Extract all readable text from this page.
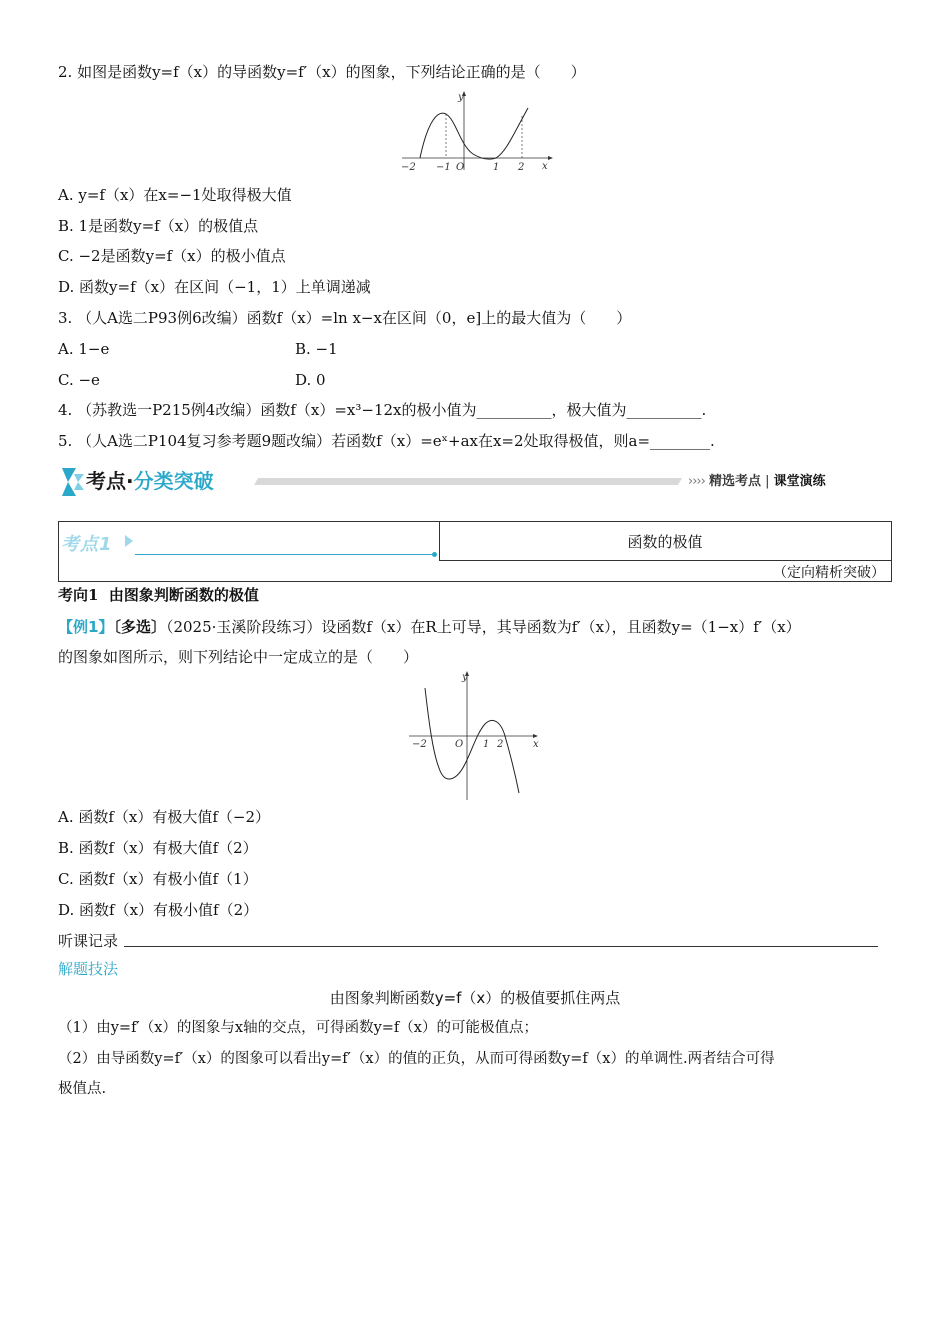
2. 如图是函数y=f（x）的导函数y=f′（x）的图象，下列结论正确的是（　　）
y
x
−2 −1 O	1 2
A. y=f（x）在x=−1处取得极大值
B. 1是函数y=f（x）的极值点
C. −2是函数y=f（x）的极小值点
D. 函数y=f（x）在区间（−1，1）上单调递减
3. （人A选二P93例6改编）函数f（x）=ln x−x在区间（0，e]上的最大值为（　　）
A. 1−e	B. −1
C. −e	D. 0
4. （苏教选一P215例4改编）函数f（x）=x³−12x的极小值为__________，极大值为__________.
5. （人A选二P104复习参考题9题改编）若函数f（x）=eˣ+ax在x=2处取得极值，则a=________.
考点·分类突破	›››› 精选考点 | 课堂演练
考点1	函数的极值
（定向精析突破）
考向1 由图象判断函数的极值
【例1】〔多选〕（2025·玉溪阶段练习）设函数f（x）在R上可导，其导函数为f′（x），且函数y=（1−x）f′（x）
的图象如图所示，则下列结论中一定成立的是（　　）
y
x
−2	O 1 2
A. 函数f（x）有极大值f（−2）
B. 函数f（x）有极大值f（2）
C. 函数f（x）有极小值f（1）
D. 函数f（x）有极小值f（2）
听课记录
解题技法
由图象判断函数y=f（x）的极值要抓住两点
（1）由y=f′（x）的图象与x轴的交点，可得函数y=f（x）的可能极值点；
（2）由导函数y=f′（x）的图象可以看出y=f′（x）的值的正负，从而可得函数y=f（x）的单调性.两者结合可得
极值点.
